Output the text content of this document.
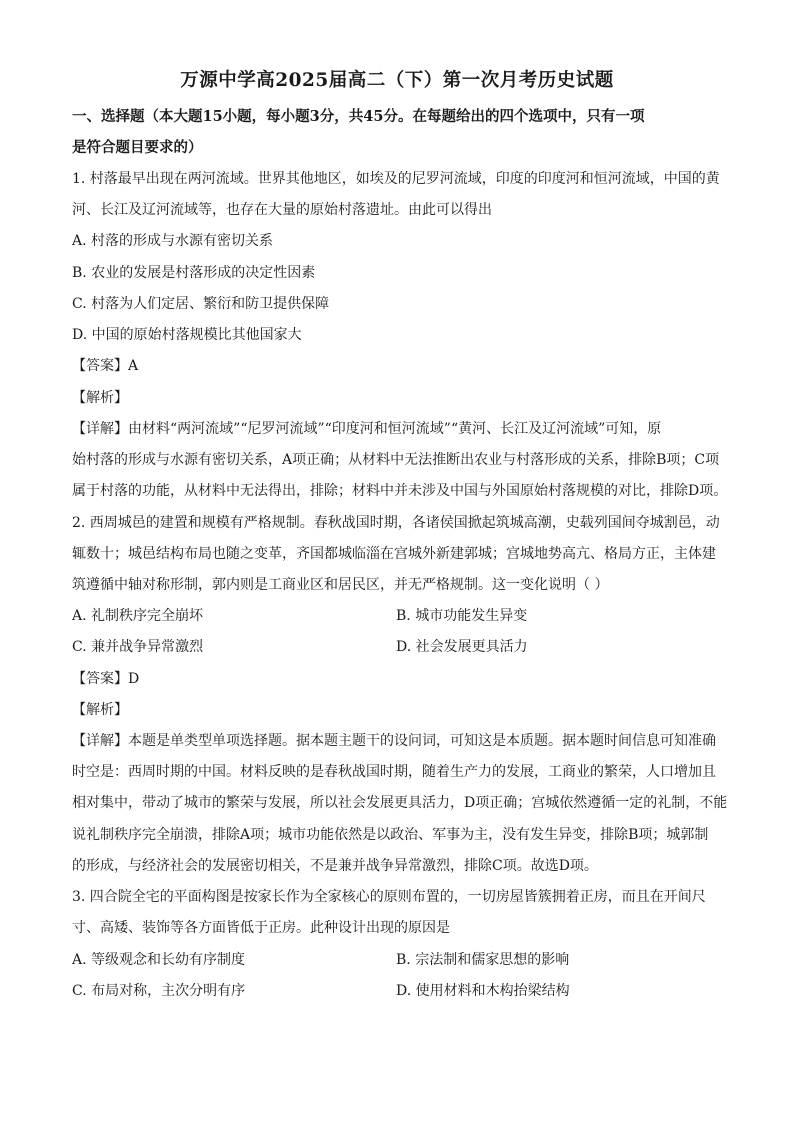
万源中学高2025届高二（下）第一次月考历史试题
一、选择题（本大题15小题，每小题3分，共45分。在每题给出的四个选项中，只有一项
是符合题目要求的）
1. 村落最早出现在两河流域。世界其他地区，如埃及的尼罗河流域，印度的印度河和恒河流域，中国的黄
河、长江及辽河流域等，也存在大量的原始村落遗址。由此可以得出
A. 村落的形成与水源有密切关系
B. 农业的发展是村落形成的决定性因素
C. 村落为人们定居、繁衍和防卫提供保障
D. 中国的原始村落规模比其他国家大
【答案】A
【解析】
【详解】由材料“两河流域”“尼罗河流域”“印度河和恒河流域”“黄河、长江及辽河流域”可知，原
始村落的形成与水源有密切关系，A项正确；从材料中无法推断出农业与村落形成的关系，排除B项；C项
属于村落的功能，从材料中无法得出，排除；材料中并未涉及中国与外国原始村落规模的对比，排除D项。
2. 西周城邑的建置和规模有严格规制。春秋战国时期，各诸侯国掀起筑城高潮，史载列国间夺城割邑，动
辄数十；城邑结构布局也随之变革，齐国都城临淄在宫城外新建郭城；宫城地势高亢、格局方正，主体建
筑遵循中轴对称形制，郭内则是工商业区和居民区，并无严格规制。这一变化说明（ ）
A. 礼制秩序完全崩坏	B. 城市功能发生异变
C. 兼并战争异常激烈	D. 社会发展更具活力
【答案】D
【解析】
【详解】本题是单类型单项选择题。据本题主题干的设问词，可知这是本质题。据本题时间信息可知准确
时空是：西周时期的中国。材料反映的是春秋战国时期，随着生产力的发展，工商业的繁荣，人口增加且
相对集中，带动了城市的繁荣与发展，所以社会发展更具活力，D项正确；宫城依然遵循一定的礼制，不能
说礼制秩序完全崩溃，排除A项；城市功能依然是以政治、军事为主，没有发生异变，排除B项；城郭制
的形成，与经济社会的发展密切相关，不是兼并战争异常激烈，排除C项。故选D项。
3. 四合院全宅的平面构图是按家长作为全家核心的原则布置的，一切房屋皆簇拥着正房，而且在开间尺
寸、高矮、装饰等各方面皆低于正房。此种设计出现的原因是
A. 等级观念和长幼有序制度	B. 宗法制和儒家思想的影响
C. 布局对称，主次分明有序	D. 使用材料和木构抬梁结构
